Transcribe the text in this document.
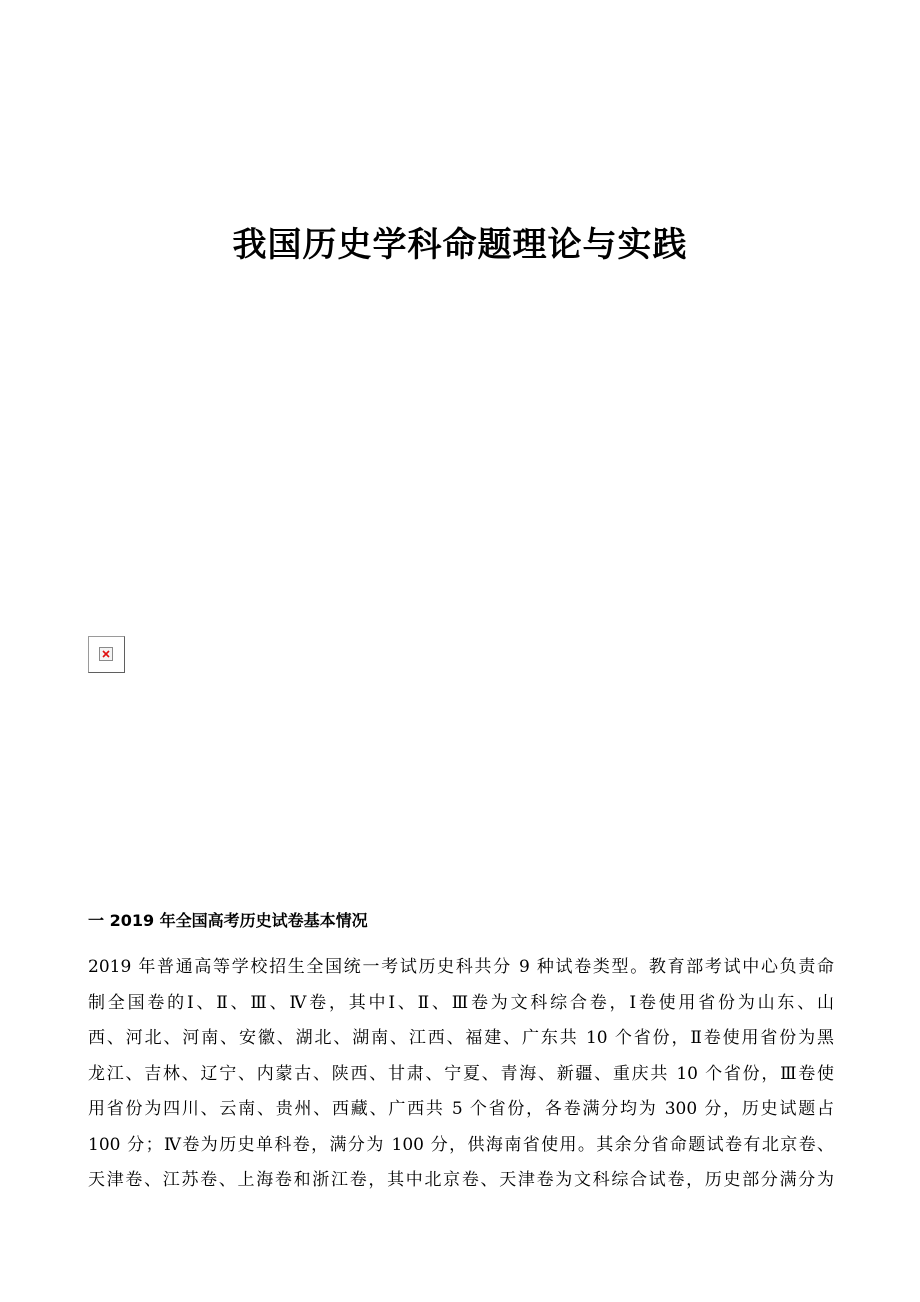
我国历史学科命题理论与实践
一 2019 年全国高考历史试卷基本情况
2019 年普通高等学校招生全国统一考试历史科共分 9 种试卷类型。教育部考试中心负责命
制全国卷的Ⅰ、Ⅱ、Ⅲ、Ⅳ卷，其中Ⅰ、Ⅱ、Ⅲ卷为文科综合卷，Ⅰ卷使用省份为山东、山
西、河北、河南、安徽、湖北、湖南、江西、福建、广东共 10 个省份，Ⅱ卷使用省份为黑
龙江、吉林、辽宁、内蒙古、陕西、甘肃、宁夏、青海、新疆、重庆共 10 个省份，Ⅲ卷使
用省份为四川、云南、贵州、西藏、广西共 5 个省份，各卷满分均为 300 分，历史试题占
100 分；Ⅳ卷为历史单科卷，满分为 100 分，供海南省使用。其余分省命题试卷有北京卷、
天津卷、江苏卷、上海卷和浙江卷，其中北京卷、天津卷为文科综合试卷，历史部分满分为
